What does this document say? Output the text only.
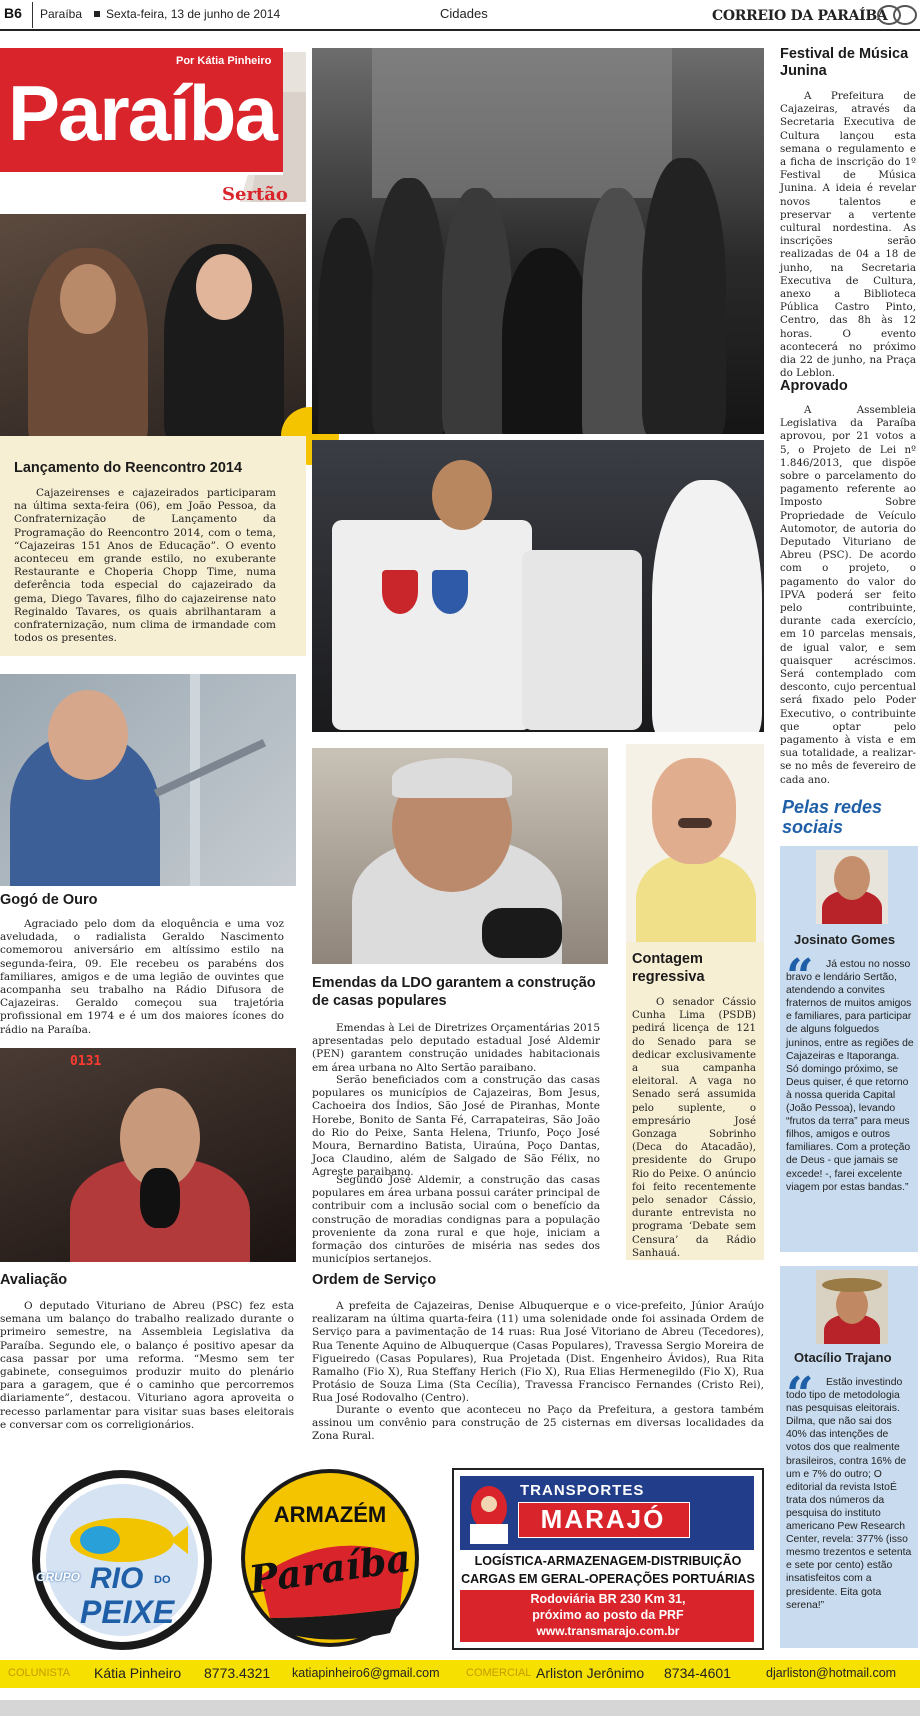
B6 Paraíba Sexta-feira, 13 de junho de 2014	Cidades	CORREIO DA PARAÍBA
Por Kátia Pinheiro
Paraíba
Sertão
0131
Lançamento do Reencontro 2014
Cajazeirenses e cajazeirados participaram na última sexta-feira (06), em João Pessoa, da Confraternização de Lançamento da Programação do Reencontro 2014, com o tema, “Cajazeiras 151 Anos de Educação”. O evento aconteceu em grande estilo, no exuberante Restaurante e Choperia Chopp Time, numa deferência toda especial do cajazeirado da gema, Diego Tavares, filho do cajazeirense nato Reginaldo Tavares, os quais abrilhantaram a confraternização, num clima de irmandade com todos os presentes.
Gogó de Ouro
Agraciado pelo dom da eloquência e uma voz aveludada, o radialista Geraldo Nascimento comemorou aniversário em altíssimo estilo na segunda-feira, 09. Ele recebeu os parabéns dos familiares, amigos e de uma legião de ouvintes que acompanha seu trabalho na Rádio Difusora de Cajazeiras. Geraldo começou sua trajetória profissional em 1974 e é um dos maiores ícones do rádio na Paraíba.
Avaliação
O deputado Vituriano de Abreu (PSC) fez esta semana um balanço do trabalho realizado durante o primeiro semestre, na Assembleia Legislativa da Paraíba. Segundo ele, o balanço é positivo apesar da casa passar por uma reforma. “Mesmo sem ter gabinete, conseguimos produzir muito do plenário para a garagem, que é o caminho que percorremos diariamente”, destacou. Vituriano agora aproveita o recesso parlamentar para visitar suas bases eleitorais e conversar com os correligionários.
Emendas da LDO garantem a construção de casas populares
Emendas à Lei de Diretrizes Orçamentárias 2015 apresentadas pelo deputado estadual José Aldemir (PEN) garantem construção unidades habitacionais em área urbana no Alto Sertão paraibano.
Serão beneficiados com a construção das casas populares os municípios de Cajazeiras, Bom Jesus, Cachoeira dos Índios, São José de Piranhas, Monte Horebe, Bonito de Santa Fé, Carrapateiras, São João do Rio do Peixe, Santa Helena, Triunfo, Poço José Moura, Bernardino Batista, Uiraúna, Poço Dantas, Joca Claudino, além de Salgado de São Félix, no Agreste paraibano.
Segundo José Aldemir, a construção das casas populares em área urbana possui caráter principal de contribuir com a inclusão social com o benefício da construção de moradias condignas para a população proveniente da zona rural e que hoje, iniciam a formação dos cinturões de miséria nas sedes dos municípios sertanejos.
Contagem regressiva
O senador Cássio Cunha Lima (PSDB) pedirá licença de 121 do Senado para se dedicar exclusivamente a sua campanha eleitoral. A vaga no Senado será assumida pelo suplente, o empresário José Gonzaga Sobrinho (Deca do Atacadão), presidente do Grupo Rio do Peixe. O anúncio foi feito recentemente pelo senador Cássio, durante entrevista no programa ‘Debate sem Censura’ da Rádio Sanhauá.
Ordem de Serviço
A prefeita de Cajazeiras, Denise Albuquerque e o vice-prefeito, Júnior Araújo realizaram na última quarta-feira (11) uma solenidade onde foi assinada Ordem de Serviço para a pavimentação de 14 ruas: Rua José Vitoriano de Abreu (Tecedores), Rua Tenente Aquino de Albuquerque (Casas Populares), Travessa Sergio Moreira de Figueiredo (Casas Populares), Rua Projetada (Dist. Engenheiro Ávidos), Rua Rita Ramalho (Fio X), Rua Steffany Herich (Fio X), Rua Elias Hermenegildo (Fio X), Rua Protásio de Souza Lima (Sta Cecília), Travessa Francisco Fernandes (Cristo Rei), Rua José Rodovalho (Centro).
Durante o evento que aconteceu no Paço da Prefeitura, a gestora também assinou um convênio para construção de 25 cisternas em diversas localidades da Zona Rural.
Festival de Música Junina
A Prefeitura de Cajazeiras, através da Secretaria Executiva de Cultura lançou esta semana o regulamento e a ficha de inscrição do 1º Festival de Música Junina. A ideia é revelar novos talentos e preservar a vertente cultural nordestina. As inscrições serão realizadas de 04 a 18 de junho, na Secretaria Executiva de Cultura, anexo a Biblioteca Pública Castro Pinto, Centro, das 8h às 12 horas. O evento acontecerá no próximo dia 22 de junho, na Praça do Leblon.
Aprovado
A Assembleia Legislativa da Paraíba aprovou, por 21 votos a 5, o Projeto de Lei nº 1.846/2013, que dispõe sobre o parcelamento do pagamento referente ao Imposto Sobre Propriedade de Veículo Automotor, de autoria do Deputado Vituriano de Abreu (PSC). De acordo com o projeto, o pagamento do valor do IPVA poderá ser feito pelo contribuinte, durante cada exercício, em 10 parcelas mensais, de igual valor, e sem quaisquer acréscimos. Será contemplado com desconto, cujo percentual será fixado pelo Poder Executivo, o contribuinte que optar pelo pagamento à vista e em sua totalidade, a realizar-se no mês de fevereiro de cada ano.
Pelas redes sociais
Josinato Gomes
“	Já estou no nosso bravo e lendário Sertão, atendendo a convites fraternos de muitos amigos e familiares, para participar de alguns folguedos juninos, entre as regiões de Cajazeiras e Itaporanga. Só domingo próximo, se Deus quiser, é que retorno à nossa querida Capital (João Pessoa), levando “frutos da terra” para meus filhos, amigos e outros familiares. Com a proteção de Deus - que jamais se excede! -, farei excelente viagem por estas bandas.”
Otacílio Trajano
“	Estão investindo todo tipo de metodologia nas pesquisas eleitorais. Dilma, que não sai dos 40% das intenções de votos dos que realmente brasileiros, contra 16% de um e 7% do outro; O editorial da revista IstoÉ trata dos números da pesquisa do instituto americano Pew Research Center, revela: 377% (isso mesmo trezentos e setenta e sete por cento) estão insatisfeitos com a presidente. Eita gota serena!”
GRUPO RIO DO
PEIXE
ARMAZÉM
Paraíba
TRANSPORTES
MARAJÓ
LOGÍSTICA-ARMAZENAGEM-DISTRIBUIÇÃO
CARGAS EM GERAL-OPERAÇÕES PORTUÁRIAS
Rodoviária BR 230 Km 31,
próximo ao posto da PRF
www.transmarajo.com.br
COLUNISTA Kátia Pinheiro 8773.4321 katiapinheiro6@gmail.com COMERCIAL Arliston Jerônimo 8734-4601	djarliston@hotmail.com
